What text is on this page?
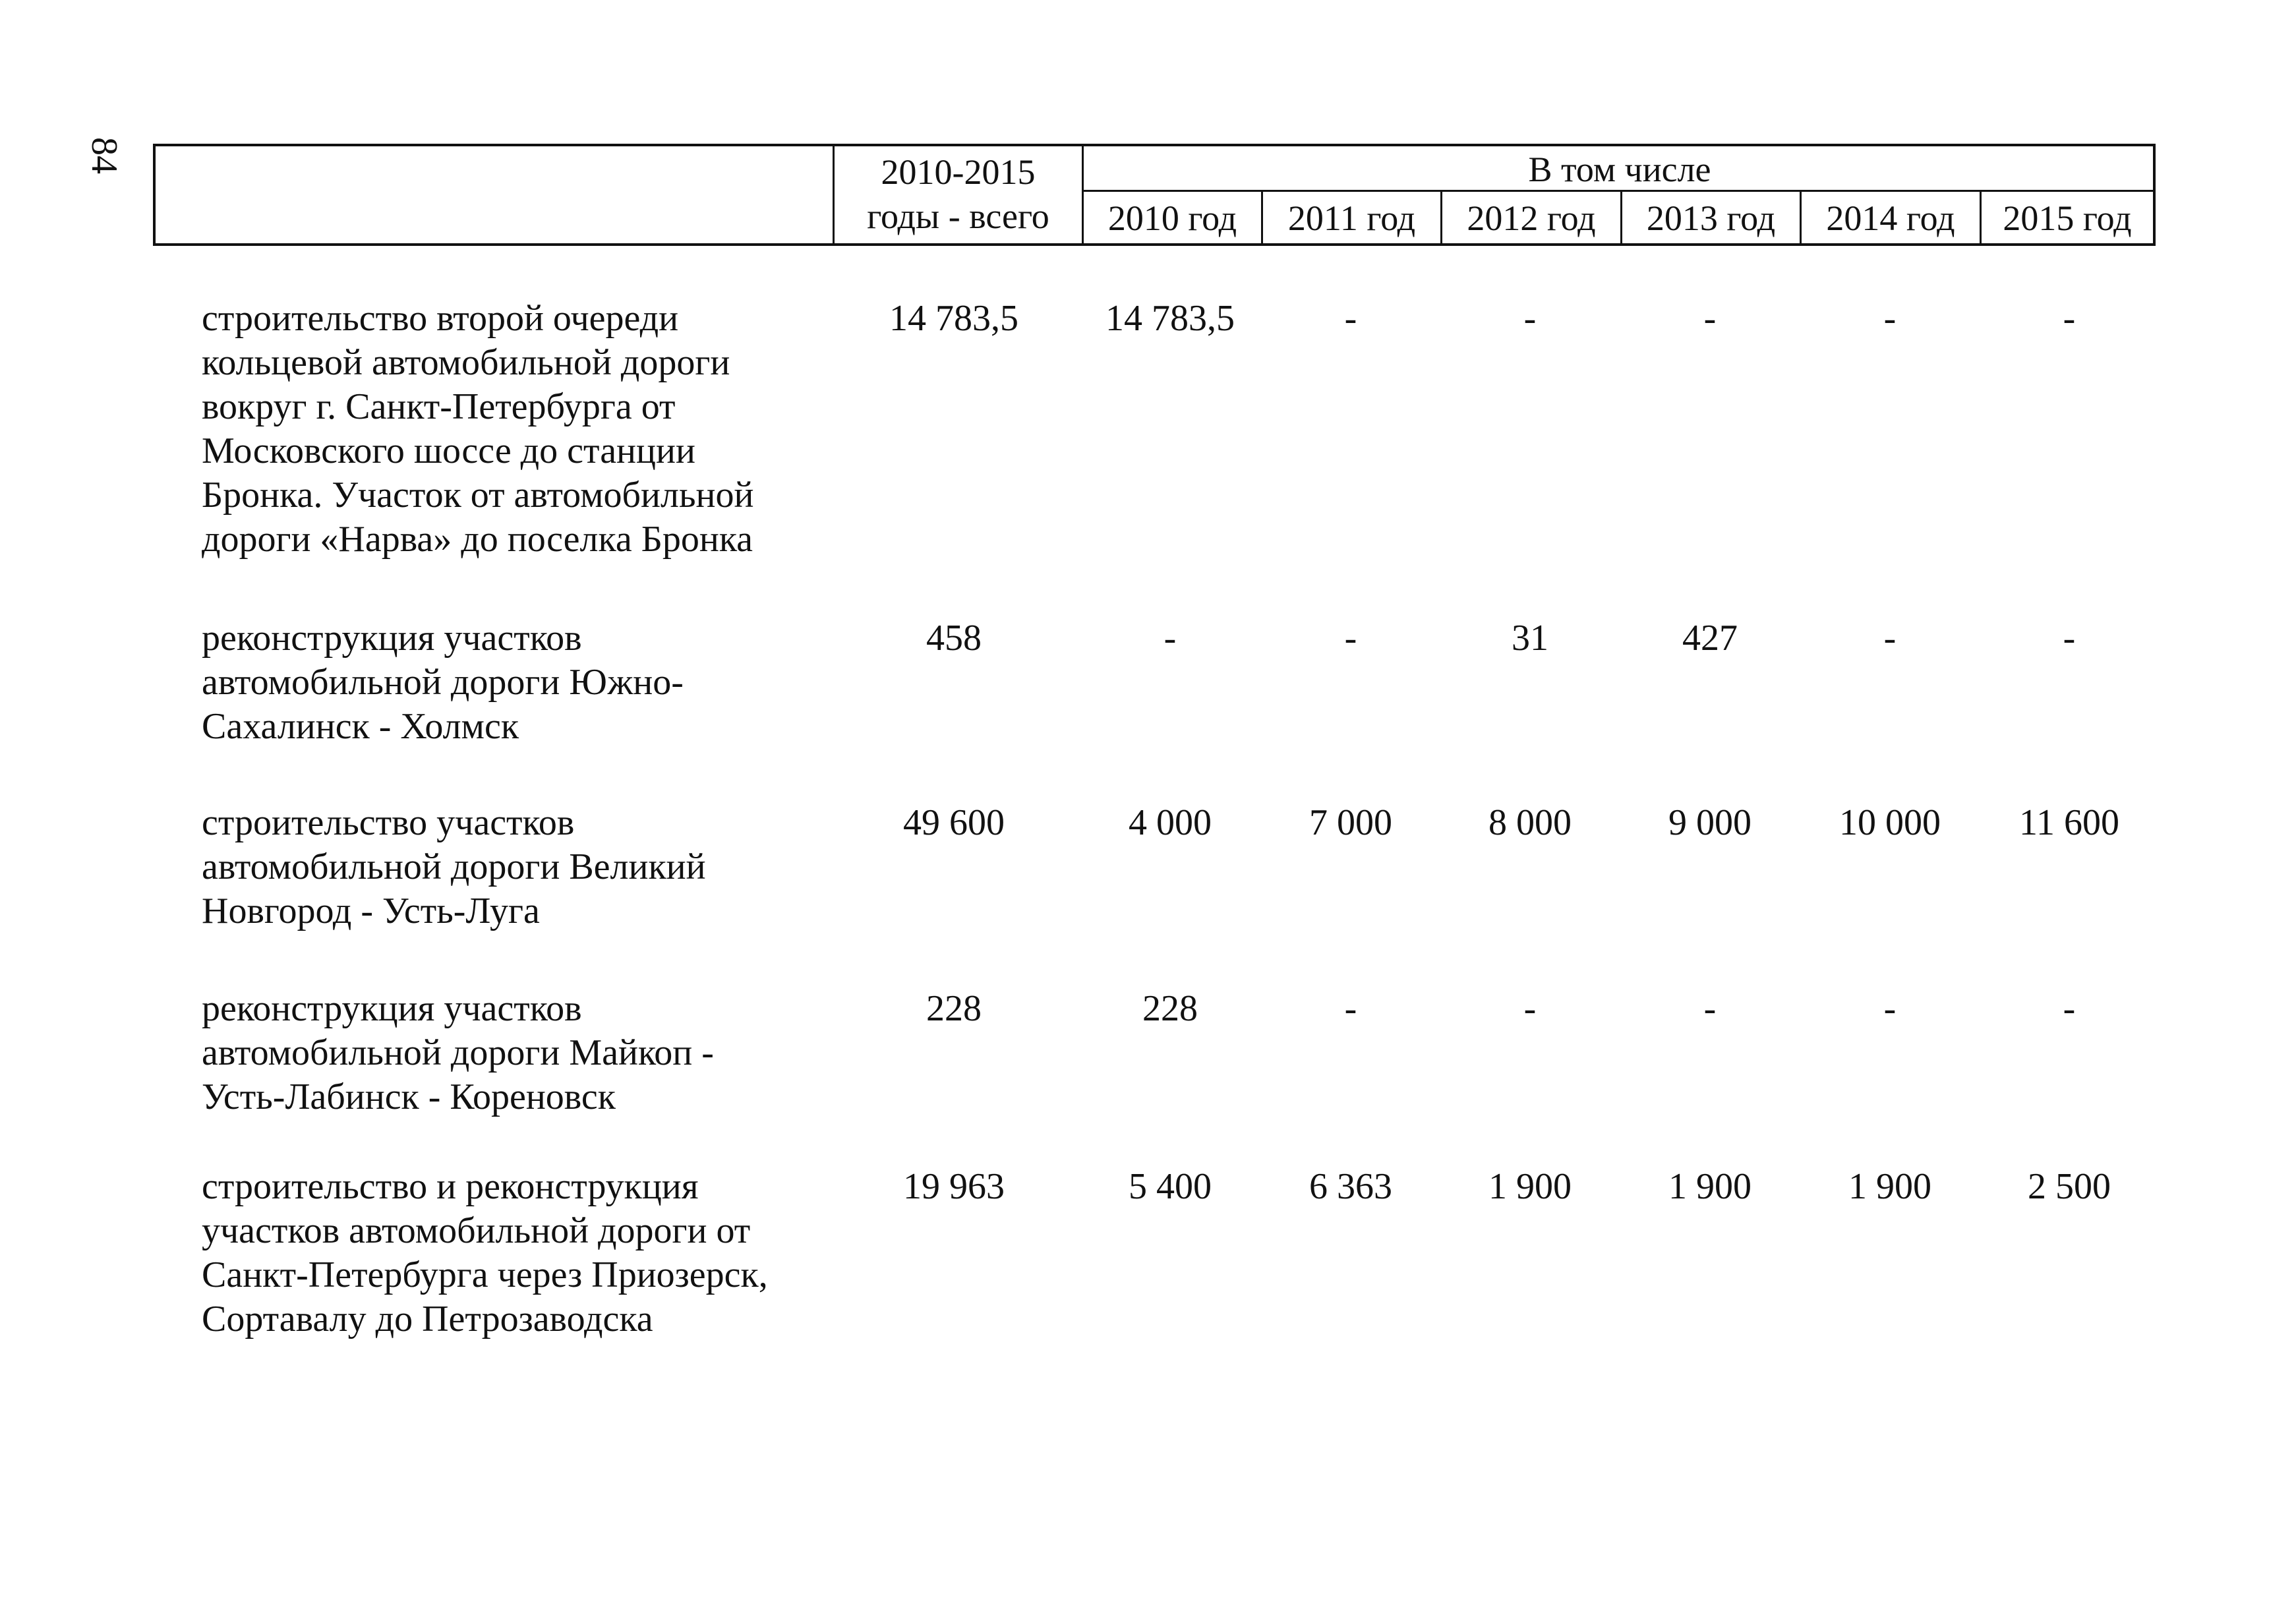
84	2010-2015
годы - всего
В том числе
2010 год	2011 год	2012 год	2013 год	2014 год	2015 год
строительство второй очереди
кольцевой автомобильной дороги
вокруг г. Санкт-Петербурга от
Московского шоссе до станции
Бронка. Участок от автомобильной
дороги «Нарва» до поселка Бронка
14 783,5	14 783,5	-	-	-	-	-
реконструкция участков
автомобильной дороги Южно-
Сахалинск - Холмск
458	-	-	31	427	-	-
строительство участков
автомобильной дороги Великий
Новгород - Усть-Луга
49 600	4 000	7 000	8 000	9 000	10 000	11 600
реконструкция участков
автомобильной дороги Майкоп -
Усть-Лабинск - Кореновск
228	228	-	-	-	-	-
строительство и реконструкция
участков автомобильной дороги от
Санкт-Петербурга через Приозерск,
Сортавалу до Петрозаводска
19 963	5 400	6 363	1 900	1 900	1 900	2 500
